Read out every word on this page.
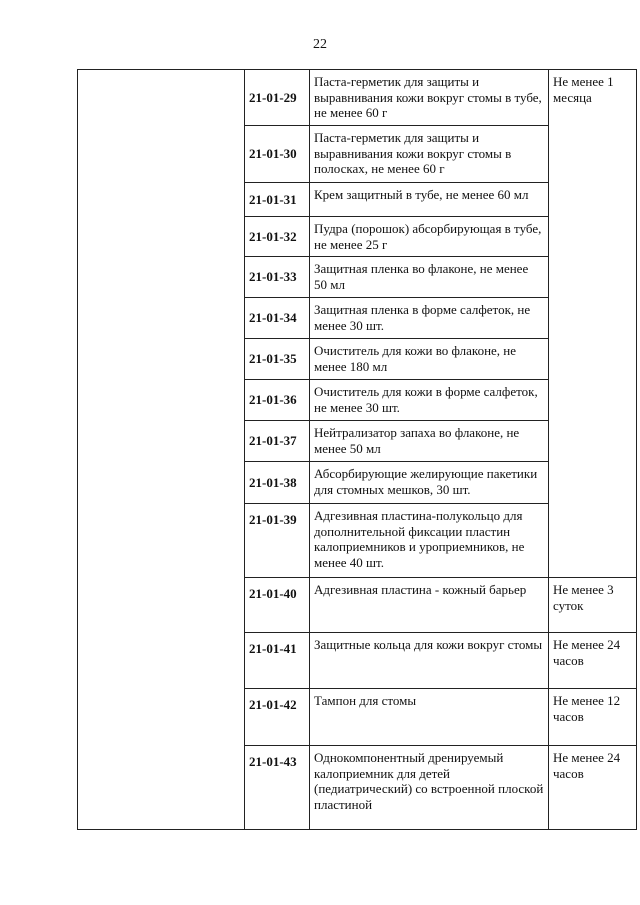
22

	21-01-29	Паста-герметик для защиты и выравнивания кожи вокруг стомы в тубе, не менее 60 г	Не менее 1 месяца

	21-01-30	Паста-герметик для защиты и выравнивания кожи вокруг стомы в полосках, не менее 60 г	

	21-01-31	Крем защитный в тубе, не менее 60 мл	

	21-01-32	Пудра (порошок) абсорбирующая в тубе, не менее 25 г	

	21-01-33	Защитная пленка во флаконе, не менее 50 мл	

	21-01-34	Защитная пленка в форме салфеток, не менее 30 шт.	

	21-01-35	Очиститель для кожи во флаконе, не менее 180 мл	

	21-01-36	Очиститель для кожи в форме салфеток, не менее 30 шт.	

	21-01-37	Нейтрализатор запаха во флаконе, не менее 50 мл	

	21-01-38	Абсорбирующие желирующие пакетики для стомных мешков, 30 шт.	

	21-01-39	Адгезивная пластина-полукольцо для дополнительной фиксации пластин калоприемников и уроприемников, не менее 40 шт.	

	21-01-40	Адгезивная пластина - кожный барьер	Не менее 3 суток

	21-01-41	Защитные кольца для кожи вокруг стомы	Не менее 24 часов

	21-01-42	Тампон для стомы	Не менее 12 часов

	21-01-43	Однокомпонентный дренируемый калоприемник для детей (педиатрический) со встроенной плоской пластиной	Не менее 24 часов
